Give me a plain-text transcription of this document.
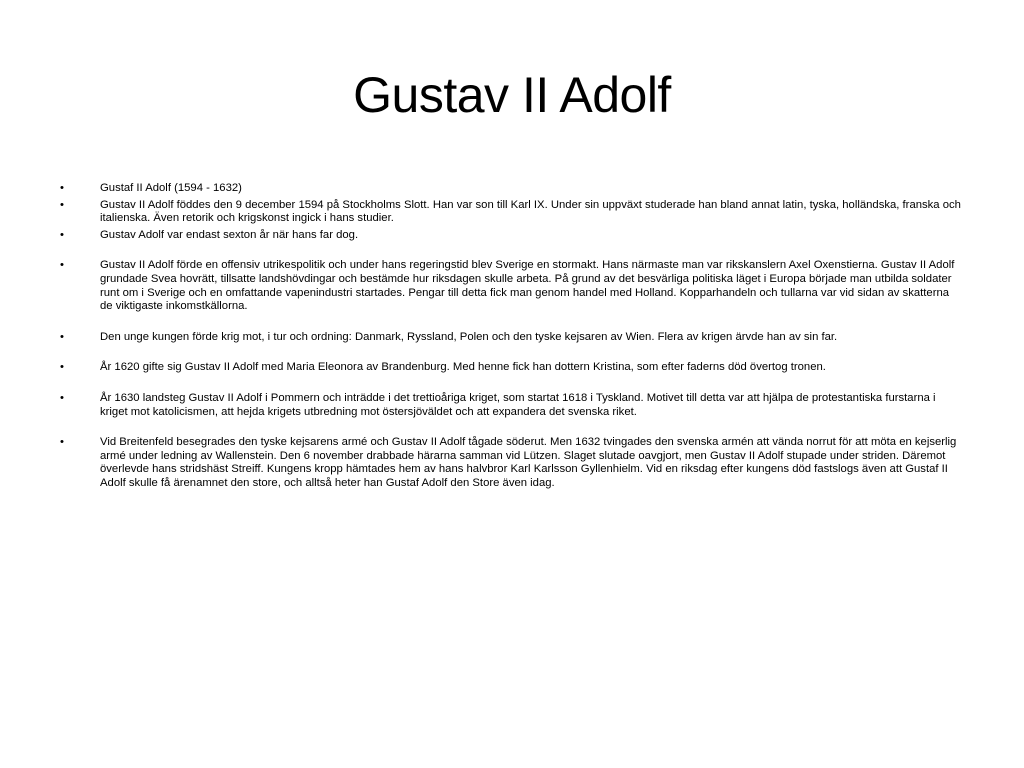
Gustav II Adolf
•	Gustaf II Adolf (1594 - 1632)
•	Gustav II Adolf föddes den 9 december 1594 på Stockholms Slott. Han var son till Karl IX. Under sin uppväxt studerade han bland annat latin, tyska, holländska, franska och italienska. Även retorik och krigskonst ingick i hans studier.
•	Gustav Adolf var endast sexton år när hans far dog.
•	Gustav II Adolf förde en offensiv utrikespolitik och under hans regeringstid blev Sverige en stormakt. Hans närmaste man var rikskanslern Axel Oxenstierna. Gustav II Adolf grundade Svea hovrätt, tillsatte landshövdingar och bestämde hur riksdagen skulle arbeta. På grund av det besvärliga politiska läget i Europa började man utbilda soldater runt om i Sverige och en omfattande vapenindustri startades. Pengar till detta fick man genom handel med Holland. Kopparhandeln och tullarna var vid sidan av skatterna de viktigaste inkomstkällorna.
•	Den unge kungen förde krig mot, i tur och ordning: Danmark, Ryssland, Polen och den tyske kejsaren av Wien. Flera av krigen ärvde han av sin far.
•	År 1620 gifte sig Gustav II Adolf med Maria Eleonora av Brandenburg. Med henne fick han dottern Kristina, som efter faderns död övertog tronen.
•	År 1630 landsteg Gustav II Adolf i Pommern och inträdde i det trettioåriga kriget, som startat 1618 i Tyskland. Motivet till detta var att hjälpa de protestantiska furstarna i kriget mot katolicismen, att hejda krigets utbredning mot östersjöväldet och att expandera det svenska riket.
•	Vid Breitenfeld besegrades den tyske kejsarens armé och Gustav II Adolf tågade söderut. Men 1632 tvingades den svenska armén att vända norrut för att möta en kejserlig armé under ledning av Wallenstein. Den 6 november drabbade härarna samman vid Lützen. Slaget slutade oavgjort, men Gustav II Adolf stupade under striden. Däremot överlevde hans stridshäst Streiff. Kungens kropp hämtades hem av hans halvbror Karl Karlsson Gyllenhielm. Vid en riksdag efter kungens död fastslogs även att Gustaf II Adolf skulle få ärenamnet den store, och alltså heter han Gustaf Adolf den Store även idag.
